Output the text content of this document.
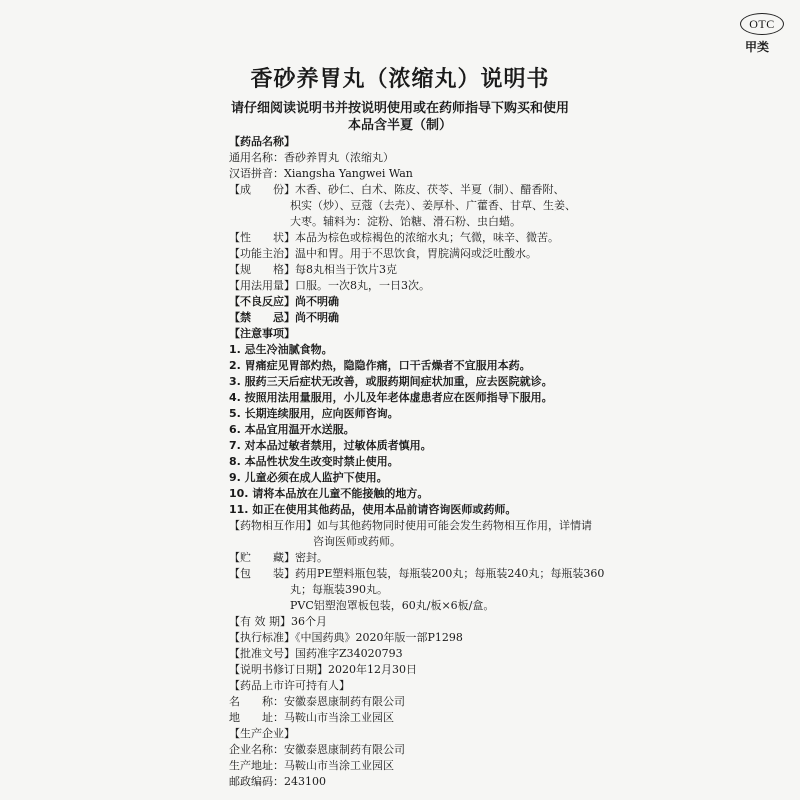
OTC
甲类
香砂养胃丸（浓缩丸）说明书
请仔细阅读说明书并按说明使用或在药师指导下购买和使用
本品含半夏（制）
【药品名称】
通用名称：香砂养胃丸（浓缩丸）
汉语拼音：Xiangsha Yangwei Wan
【成　　份】木香、砂仁、白术、陈皮、茯苓、半夏（制）、醋香附、
枳实（炒）、豆蔻（去壳）、姜厚朴、广藿香、甘草、生姜、
大枣。辅料为：淀粉、饴糖、滑石粉、虫白蜡。
【性　　状】本品为棕色或棕褐色的浓缩水丸；气微，味辛、微苦。
【功能主治】温中和胃。用于不思饮食，胃脘满闷或泛吐酸水。
【规　　格】每8丸相当于饮片3克
【用法用量】口服。一次8丸，一日3次。
【不良反应】尚不明确
【禁　　忌】尚不明确
【注意事项】
1. 忌生冷油腻食物。
2. 胃痛症见胃部灼热，隐隐作痛，口干舌燥者不宜服用本药。
3. 服药三天后症状无改善，或服药期间症状加重，应去医院就诊。
4. 按照用法用量服用，小儿及年老体虚患者应在医师指导下服用。
5. 长期连续服用，应向医师咨询。
6. 本品宜用温开水送服。
7. 对本品过敏者禁用，过敏体质者慎用。
8. 本品性状发生改变时禁止使用。
9. 儿童必须在成人监护下使用。
10. 请将本品放在儿童不能接触的地方。
11. 如正在使用其他药品，使用本品前请咨询医师或药师。
【药物相互作用】如与其他药物同时使用可能会发生药物相互作用，详情请
咨询医师或药师。
【贮　　藏】密封。
【包　　装】药用PE塑料瓶包装，每瓶装200丸；每瓶装240丸；每瓶装360
丸；每瓶装390丸。
PVC铝塑泡罩板包装，60丸/板×6板/盒。
【有 效 期】36个月
【执行标准】《中国药典》2020年版一部P1298
【批准文号】国药准字Z34020793
【说明书修订日期】2020年12月30日
【药品上市许可持有人】
名　　称：安徽泰恩康制药有限公司
地　　址：马鞍山市当涂工业园区
【生产企业】
企业名称：安徽泰恩康制药有限公司
生产地址：马鞍山市当涂工业园区
邮政编码：243100
